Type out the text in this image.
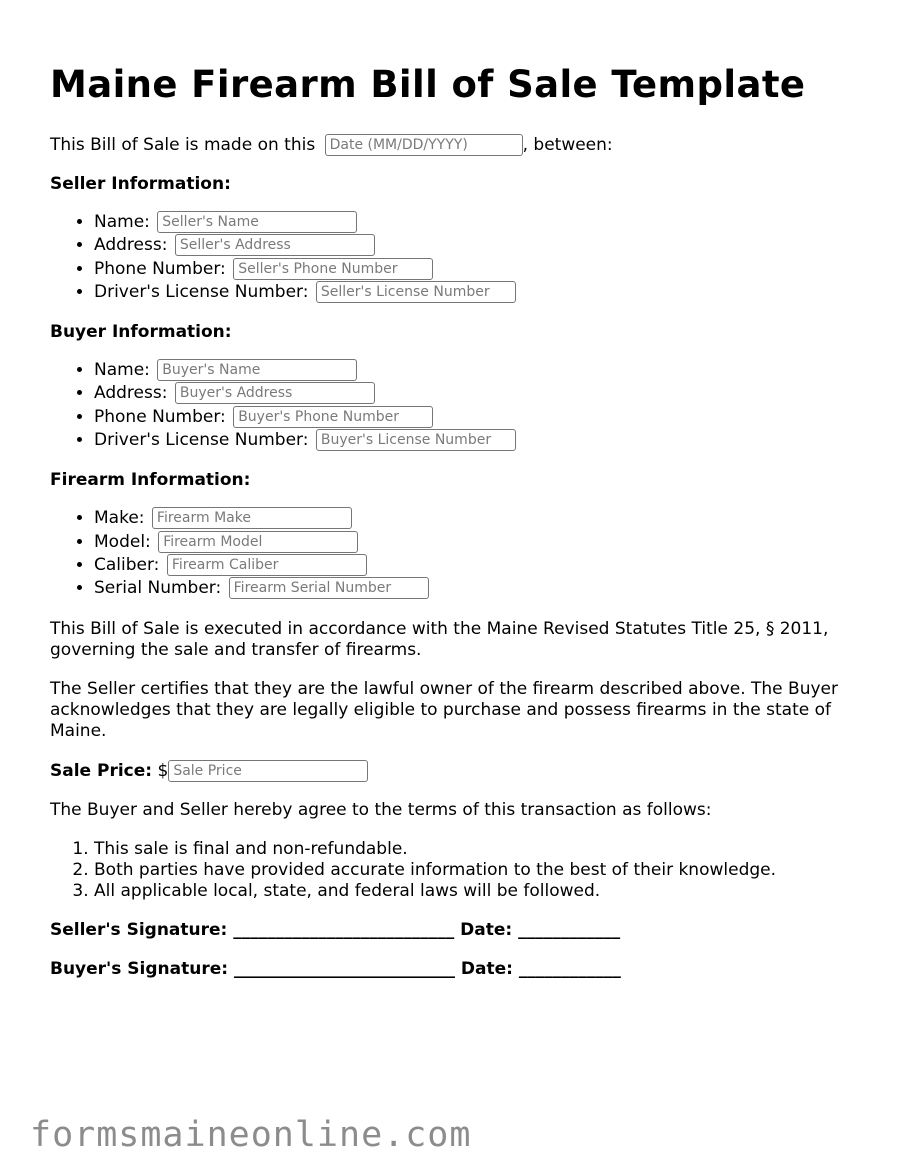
Maine Firearm Bill of Sale Template

This Bill of Sale is made on this Date (MM/DD/YYYY)	, between:

Seller Information:

• Name: Seller's Name
• Address: Seller's Address
• Phone Number: Seller's Phone Number
• Driver's License Number: Seller's License Number

Buyer Information:

• Name: Buyer's Name
• Address: Buyer's Address
• Phone Number: Buyer's Phone Number
• Driver's License Number: Buyer's License Number

Firearm Information:

• Make: Firearm Make
• Model: Firearm Model
• Caliber: Firearm Caliber
• Serial Number: Firearm Serial Number

This Bill of Sale is executed in accordance with the Maine Revised Statutes Title 25, § 2011, governing the sale and transfer of firearms.

The Seller certifies that they are the lawful owner of the firearm described above. The Buyer acknowledges that they are legally eligible to purchase and possess firearms in the state of Maine.

Sale Price: $Sale Price

The Buyer and Seller hereby agree to the terms of this transaction as follows:

1. This sale is final and non-refundable.
2. Both parties have provided accurate information to the best of their knowledge.
3. All applicable local, state, and federal laws will be followed.

Seller's Signature: __________________________ Date: ____________

Buyer's Signature: __________________________ Date: ____________

formsmaineonline.com
